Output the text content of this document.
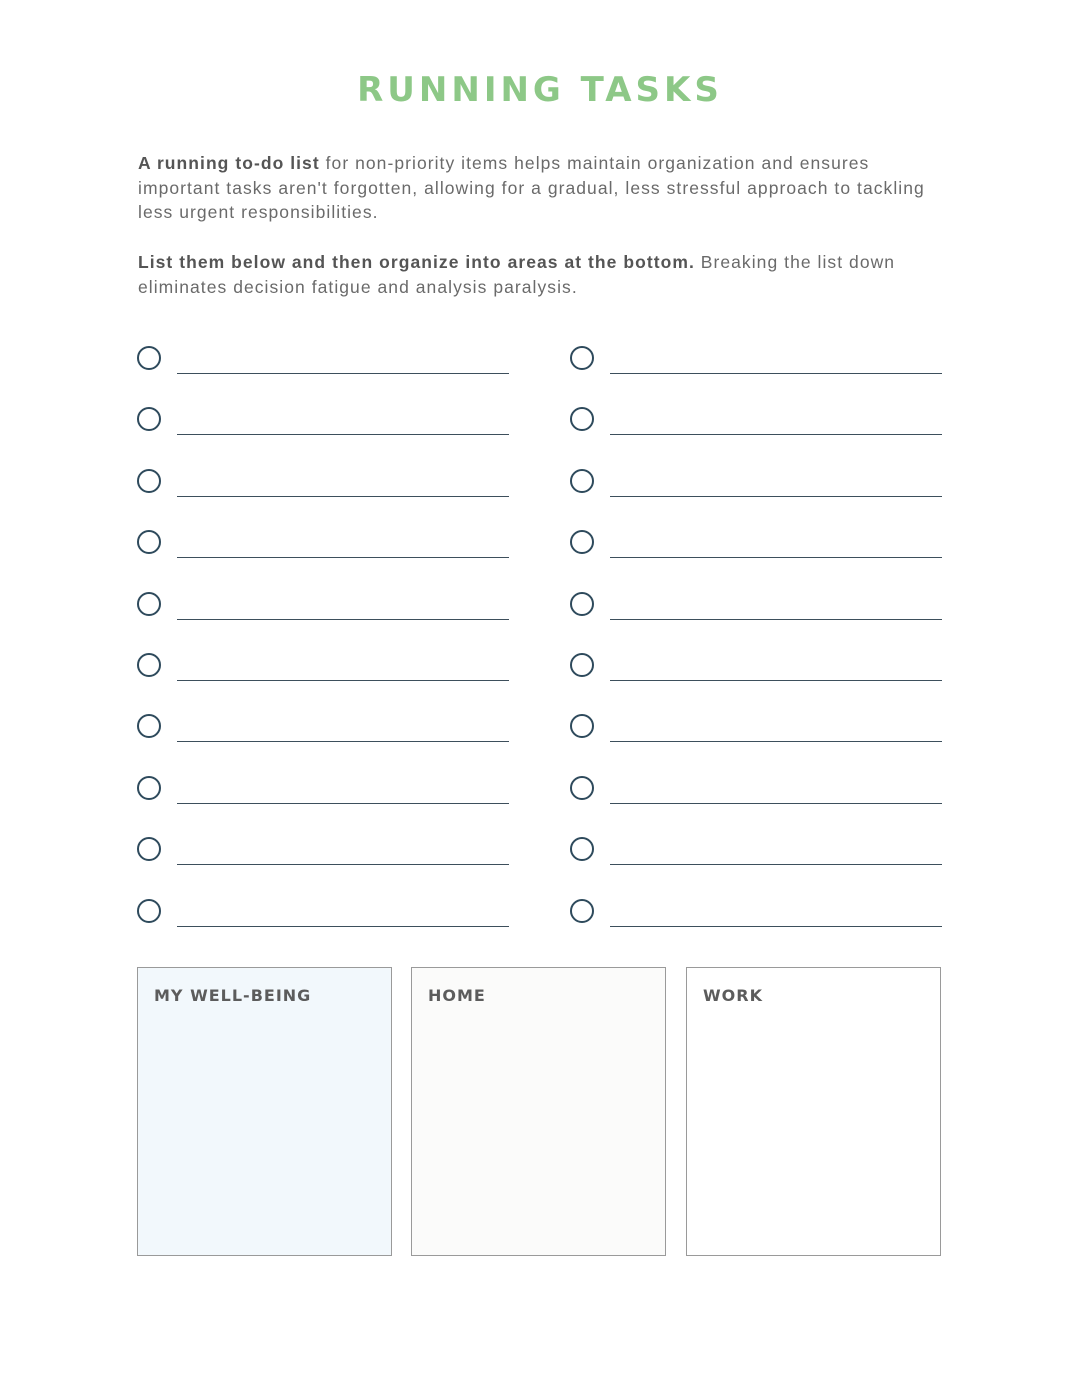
RUNNING TASKS

A running to-do list for non-priority items helps maintain organization and ensures important tasks aren't forgotten, allowing for a gradual, less stressful approach to tackling less urgent responsibilities.

List them below and then organize into areas at the bottom. Breaking the list down eliminates decision fatigue and analysis paralysis.

MY WELL-BEING	HOME	WORK
